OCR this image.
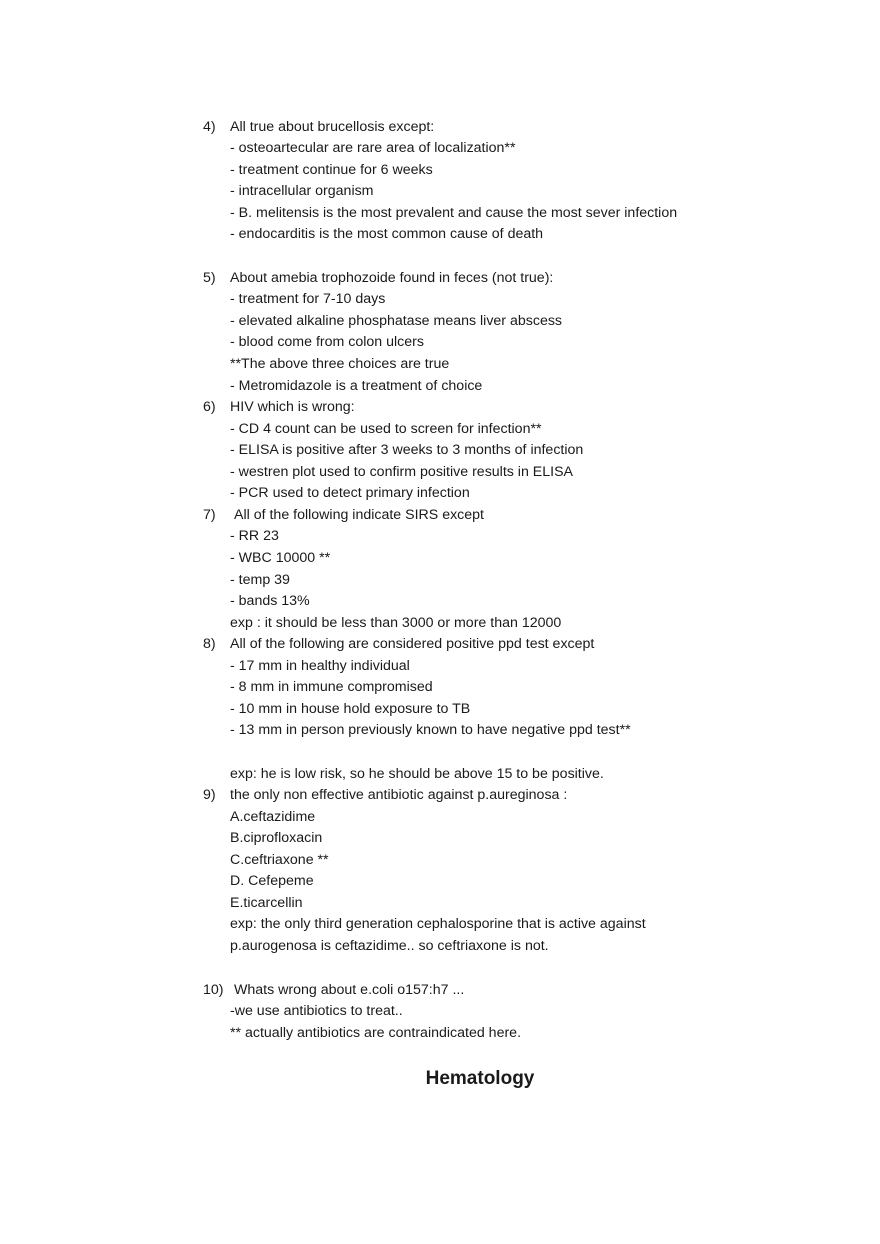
4) All true about brucellosis except:
- osteoartecular are rare area of localization**
- treatment continue for 6 weeks
- intracellular organism
- B. melitensis is the most prevalent and cause the most sever infection
- endocarditis is the most common cause of death
5) About amebia trophozoide found in feces (not true):
- treatment for 7-10 days
- elevated alkaline phosphatase means liver abscess
- blood come from colon ulcers
**The above three choices are true
- Metromidazole is a treatment of choice
6) HIV which is wrong:
- CD 4 count can be used to screen for infection**
- ELISA is positive after 3 weeks to 3 months of infection
- westren plot used to confirm positive results in ELISA
- PCR used to detect primary infection
7) All of the following indicate SIRS except
- RR 23
- WBC 10000 **
- temp 39
- bands 13%
exp : it should be less than 3000 or more than 12000
8) All of the following are considered positive ppd test except
- 17 mm in healthy individual
- 8 mm in immune compromised
- 10 mm in house hold exposure to TB
- 13 mm in person previously known to have negative ppd test**
exp: he is low risk, so he should be above 15 to be positive.
9) the only non effective antibiotic against p.aureginosa :
A.ceftazidime
B.ciprofloxacin
C.ceftriaxone **
D. Cefepeme
E.ticarcellin
exp: the only third generation cephalosporine that is active against
p.aurogenosa is ceftazidime.. so ceftriaxone is not.
10) Whats wrong about e.coli o157:h7 ...
-we use antibiotics to treat..
** actually antibiotics are contraindicated here.
Hematology
